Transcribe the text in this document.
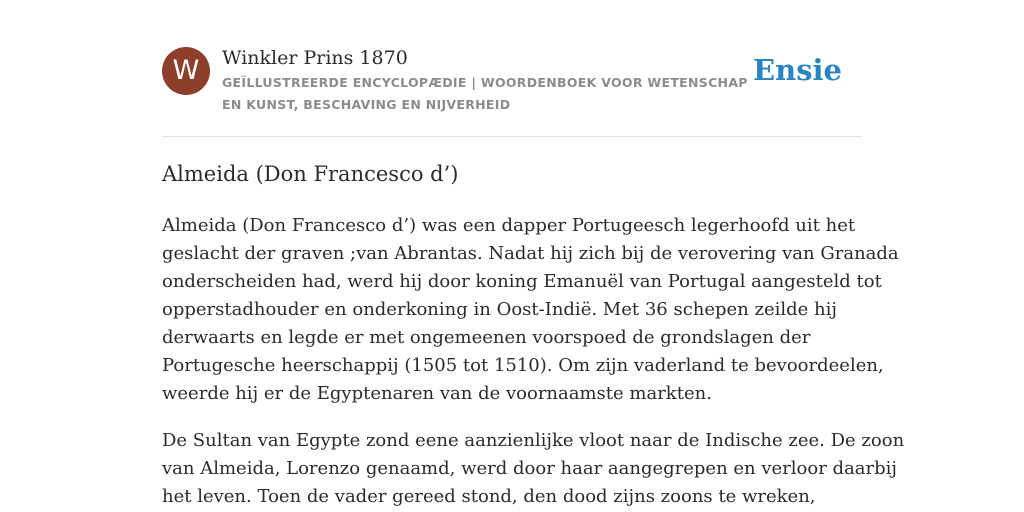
W	Winkler Prins 1870
GEÏLLUSTREERDE ENCYCLOPÆDIE | WOORDENBOEK VOOR WETENSCHAP EN KUNST, BESCHAVING EN NIJVERHEID
Ensie
Almeida (Don Francesco d’)

Almeida (Don Francesco d’) was een dapper Portugeesch legerhoofd uit het
geslacht der graven ;van Abrantas. Nadat hij zich bij de verovering van Granada
onderscheiden had, werd hij door koning Emanuël van Portugal aangesteld tot
opperstadhouder en onderkoning in Oost-Indië. Met 36 schepen zeilde hij
derwaarts en legde er met ongemeenen voorspoed de grondslagen der
Portugesche heerschappij (1505 tot 1510). Om zijn vaderland te bevoordeelen,
weerde hij er de Egyptenaren van de voornaamste markten.

De Sultan van Egypte zond eene aanzienlijke vloot naar de Indische zee. De zoon
van Almeida, Lorenzo genaamd, werd door haar aangegrepen en verloor daarbij
het leven. Toen de vader gereed stond, den dood zijns zoons te wreken,
